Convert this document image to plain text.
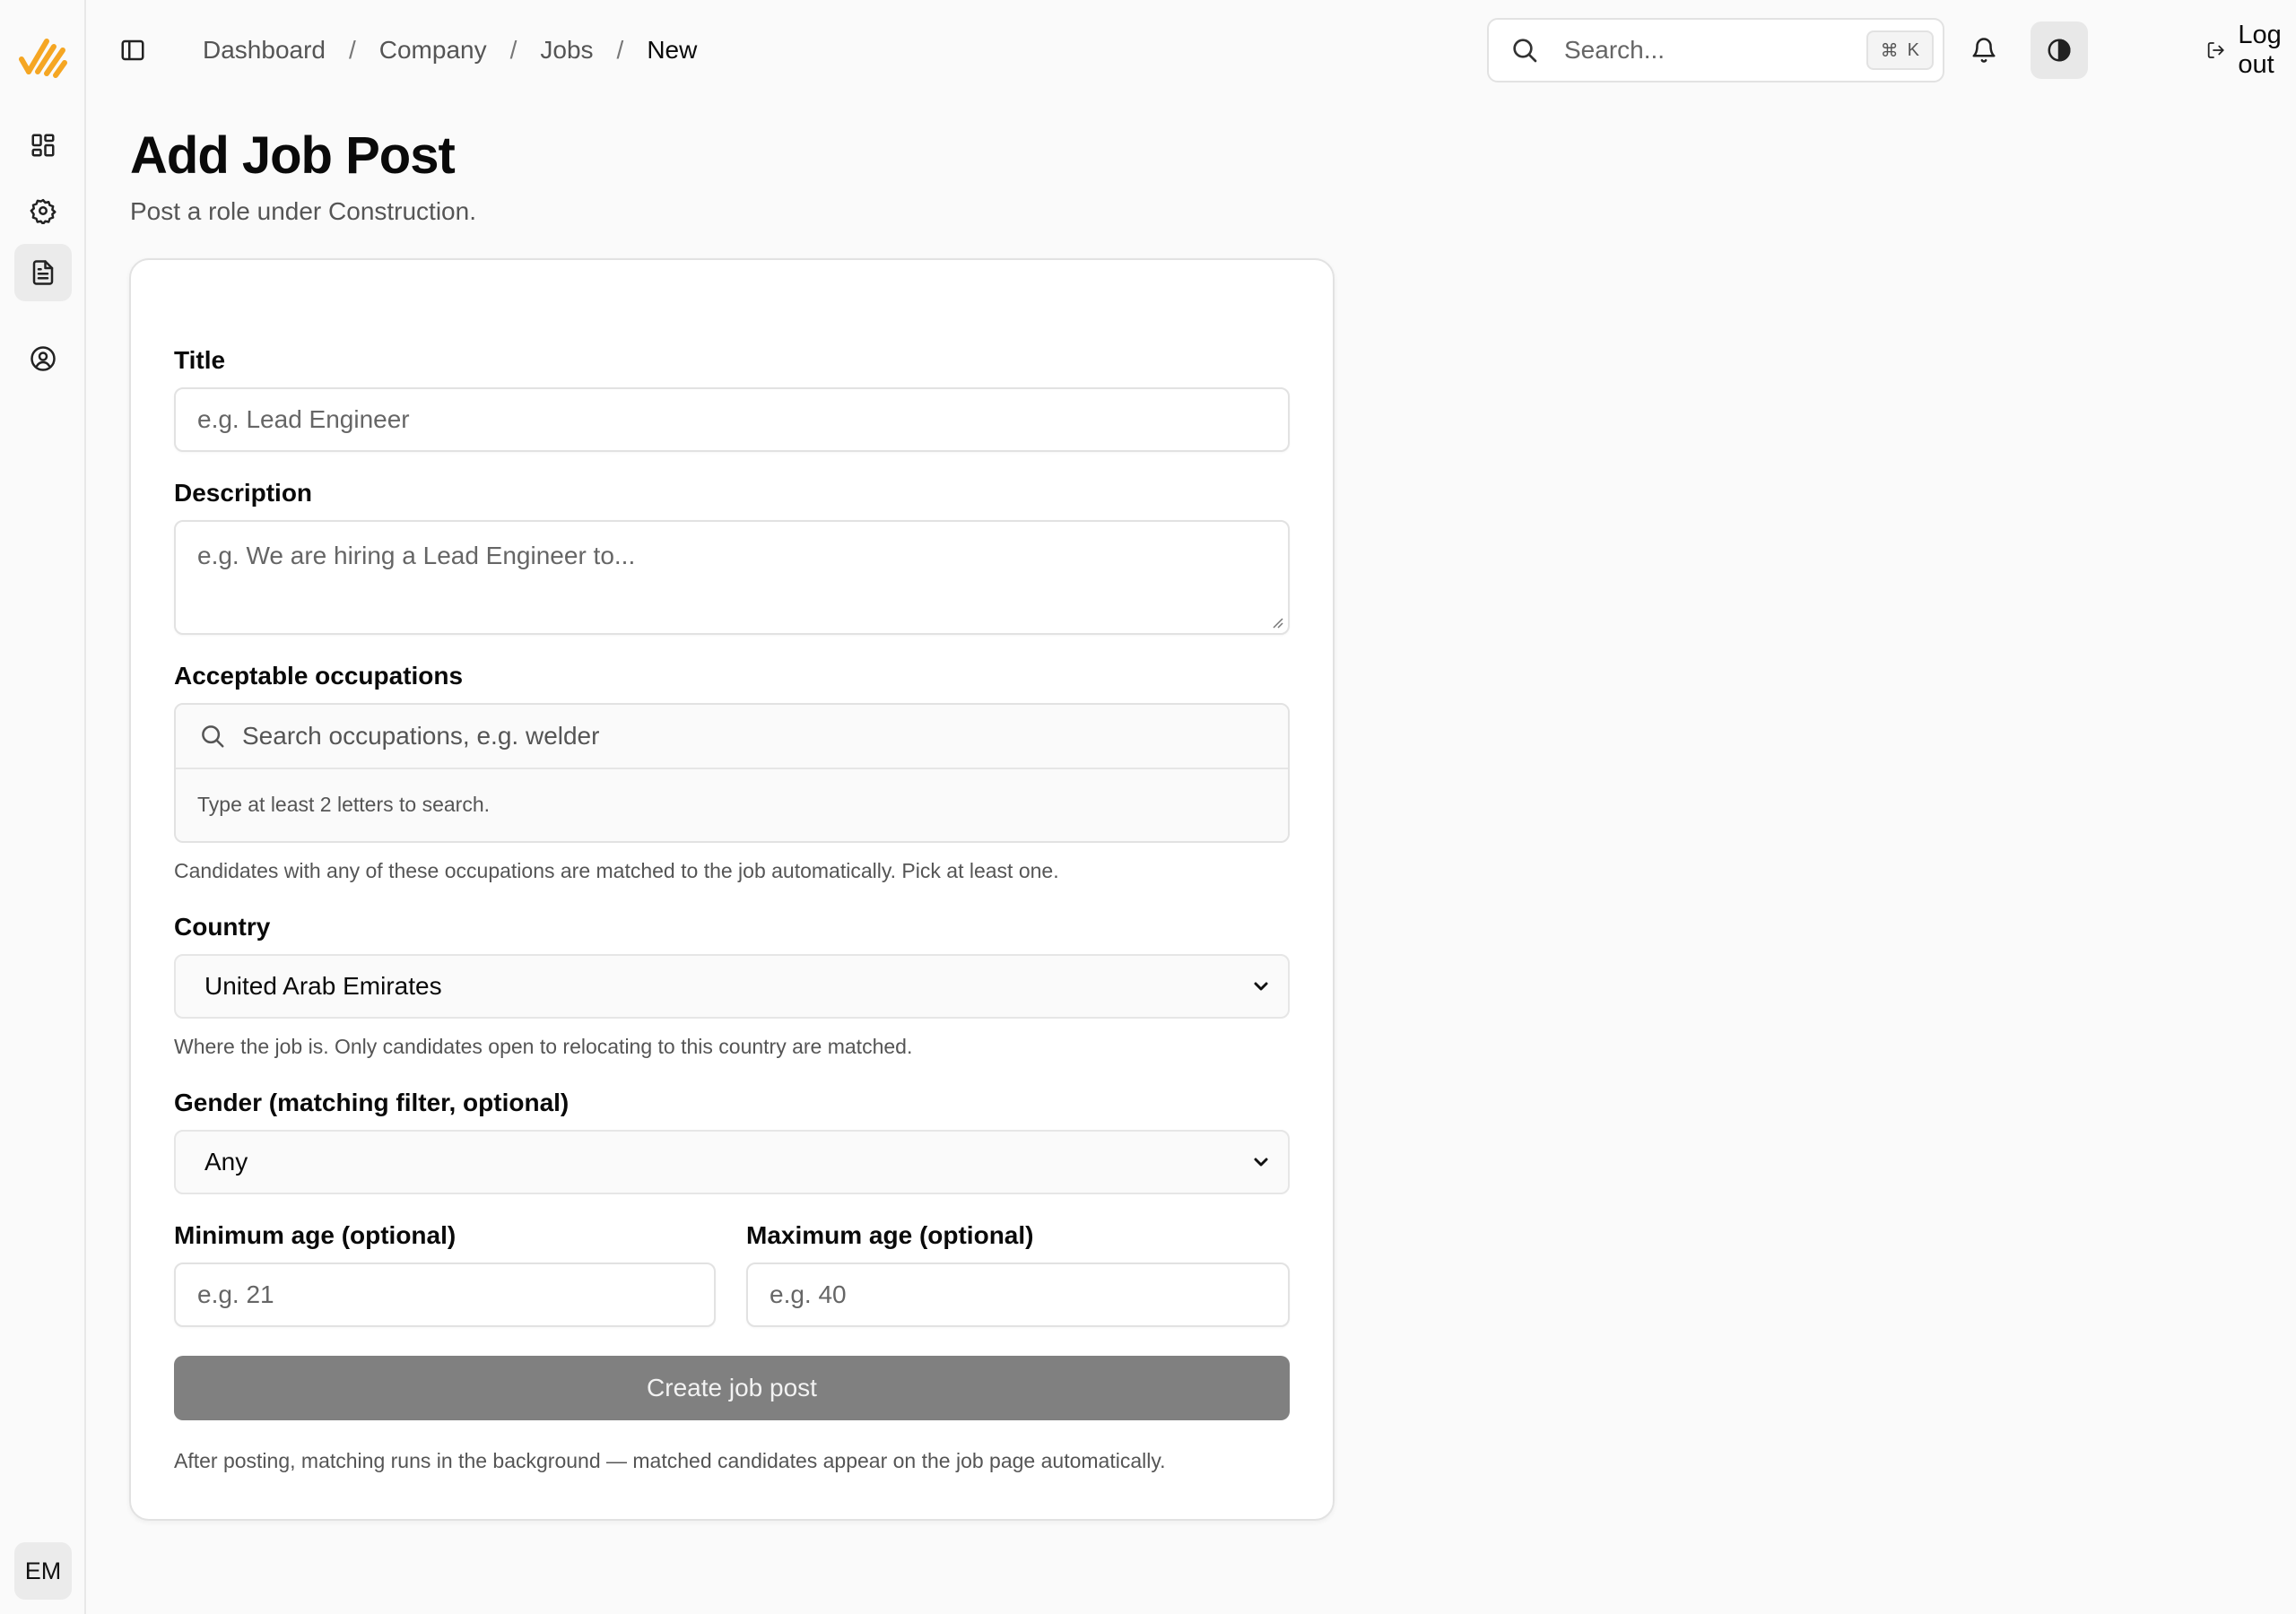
EM
Dashboard / Company / Jobs / New	Search...	⌘ K
Log out
Add Job Post

Post a role under Construction.

Title
e.g. Lead Engineer
Description
e.g. We are hiring a Lead Engineer to...
Acceptable occupations
Search occupations, e.g. welder
Type at least 2 letters to search.

Candidates with any of these occupations are matched to the job automatically. Pick at least one.

Country
United Arab Emirates

Where the job is. Only candidates open to relocating to this country are matched.

Gender (matching filter, optional)
Any
Minimum age (optional)
e.g. 21
Maximum age (optional)
e.g. 40
Create job post

After posting, matching runs in the background — matched candidates appear on the job page automatically.
